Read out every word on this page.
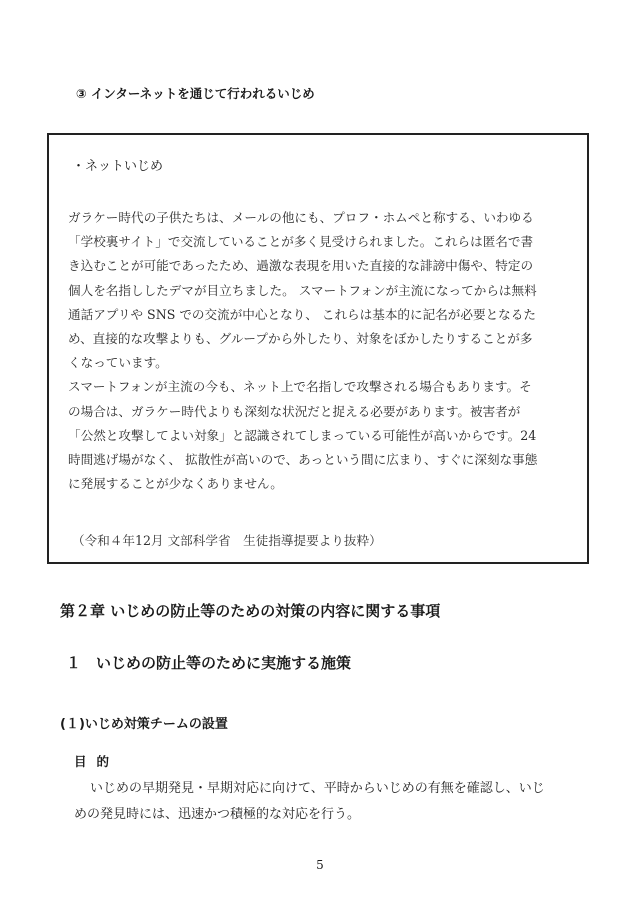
③ インターネットを通じて行われるいじめ
・ネットいじめ
ガラケー時代の子供たちは、メールの他にも、プロフ・ホムペと称する、いわゆる
「学校裏サイト」で交流していることが多く見受けられました。これらは匿名で書
き込むことが可能であったため、過激な表現を用いた直接的な誹謗中傷や、特定の
個人を名指ししたデマが目立ちました。 スマートフォンが主流になってからは無料
通話アプリや SNS での交流が中心となり、 これらは基本的に記名が必要となるた
め、直接的な攻撃よりも、グループから外したり、対象をぼかしたりすることが多
くなっています。
スマートフォンが主流の今も、ネット上で名指しで攻撃される場合もあります。そ
の場合は、ガラケー時代よりも深刻な状況だと捉える必要があります。被害者が
「公然と攻撃してよい対象」と認識されてしまっている可能性が高いからです。24
時間逃げ場がなく、 拡散性が高いので、あっという間に広まり、すぐに深刻な事態
に発展することが少なくありません。
（令和４年12月 文部科学省　生徒指導提要より抜粋）
第２章 いじめの防止等のための対策の内容に関する事項
１ いじめの防止等のために実施する施策
(１)いじめ対策チームの設置
目的
いじめの早期発見・早期対応に向けて、平時からいじめの有無を確認し、いじ
めの発見時には、迅速かつ積極的な対応を行う。
5
